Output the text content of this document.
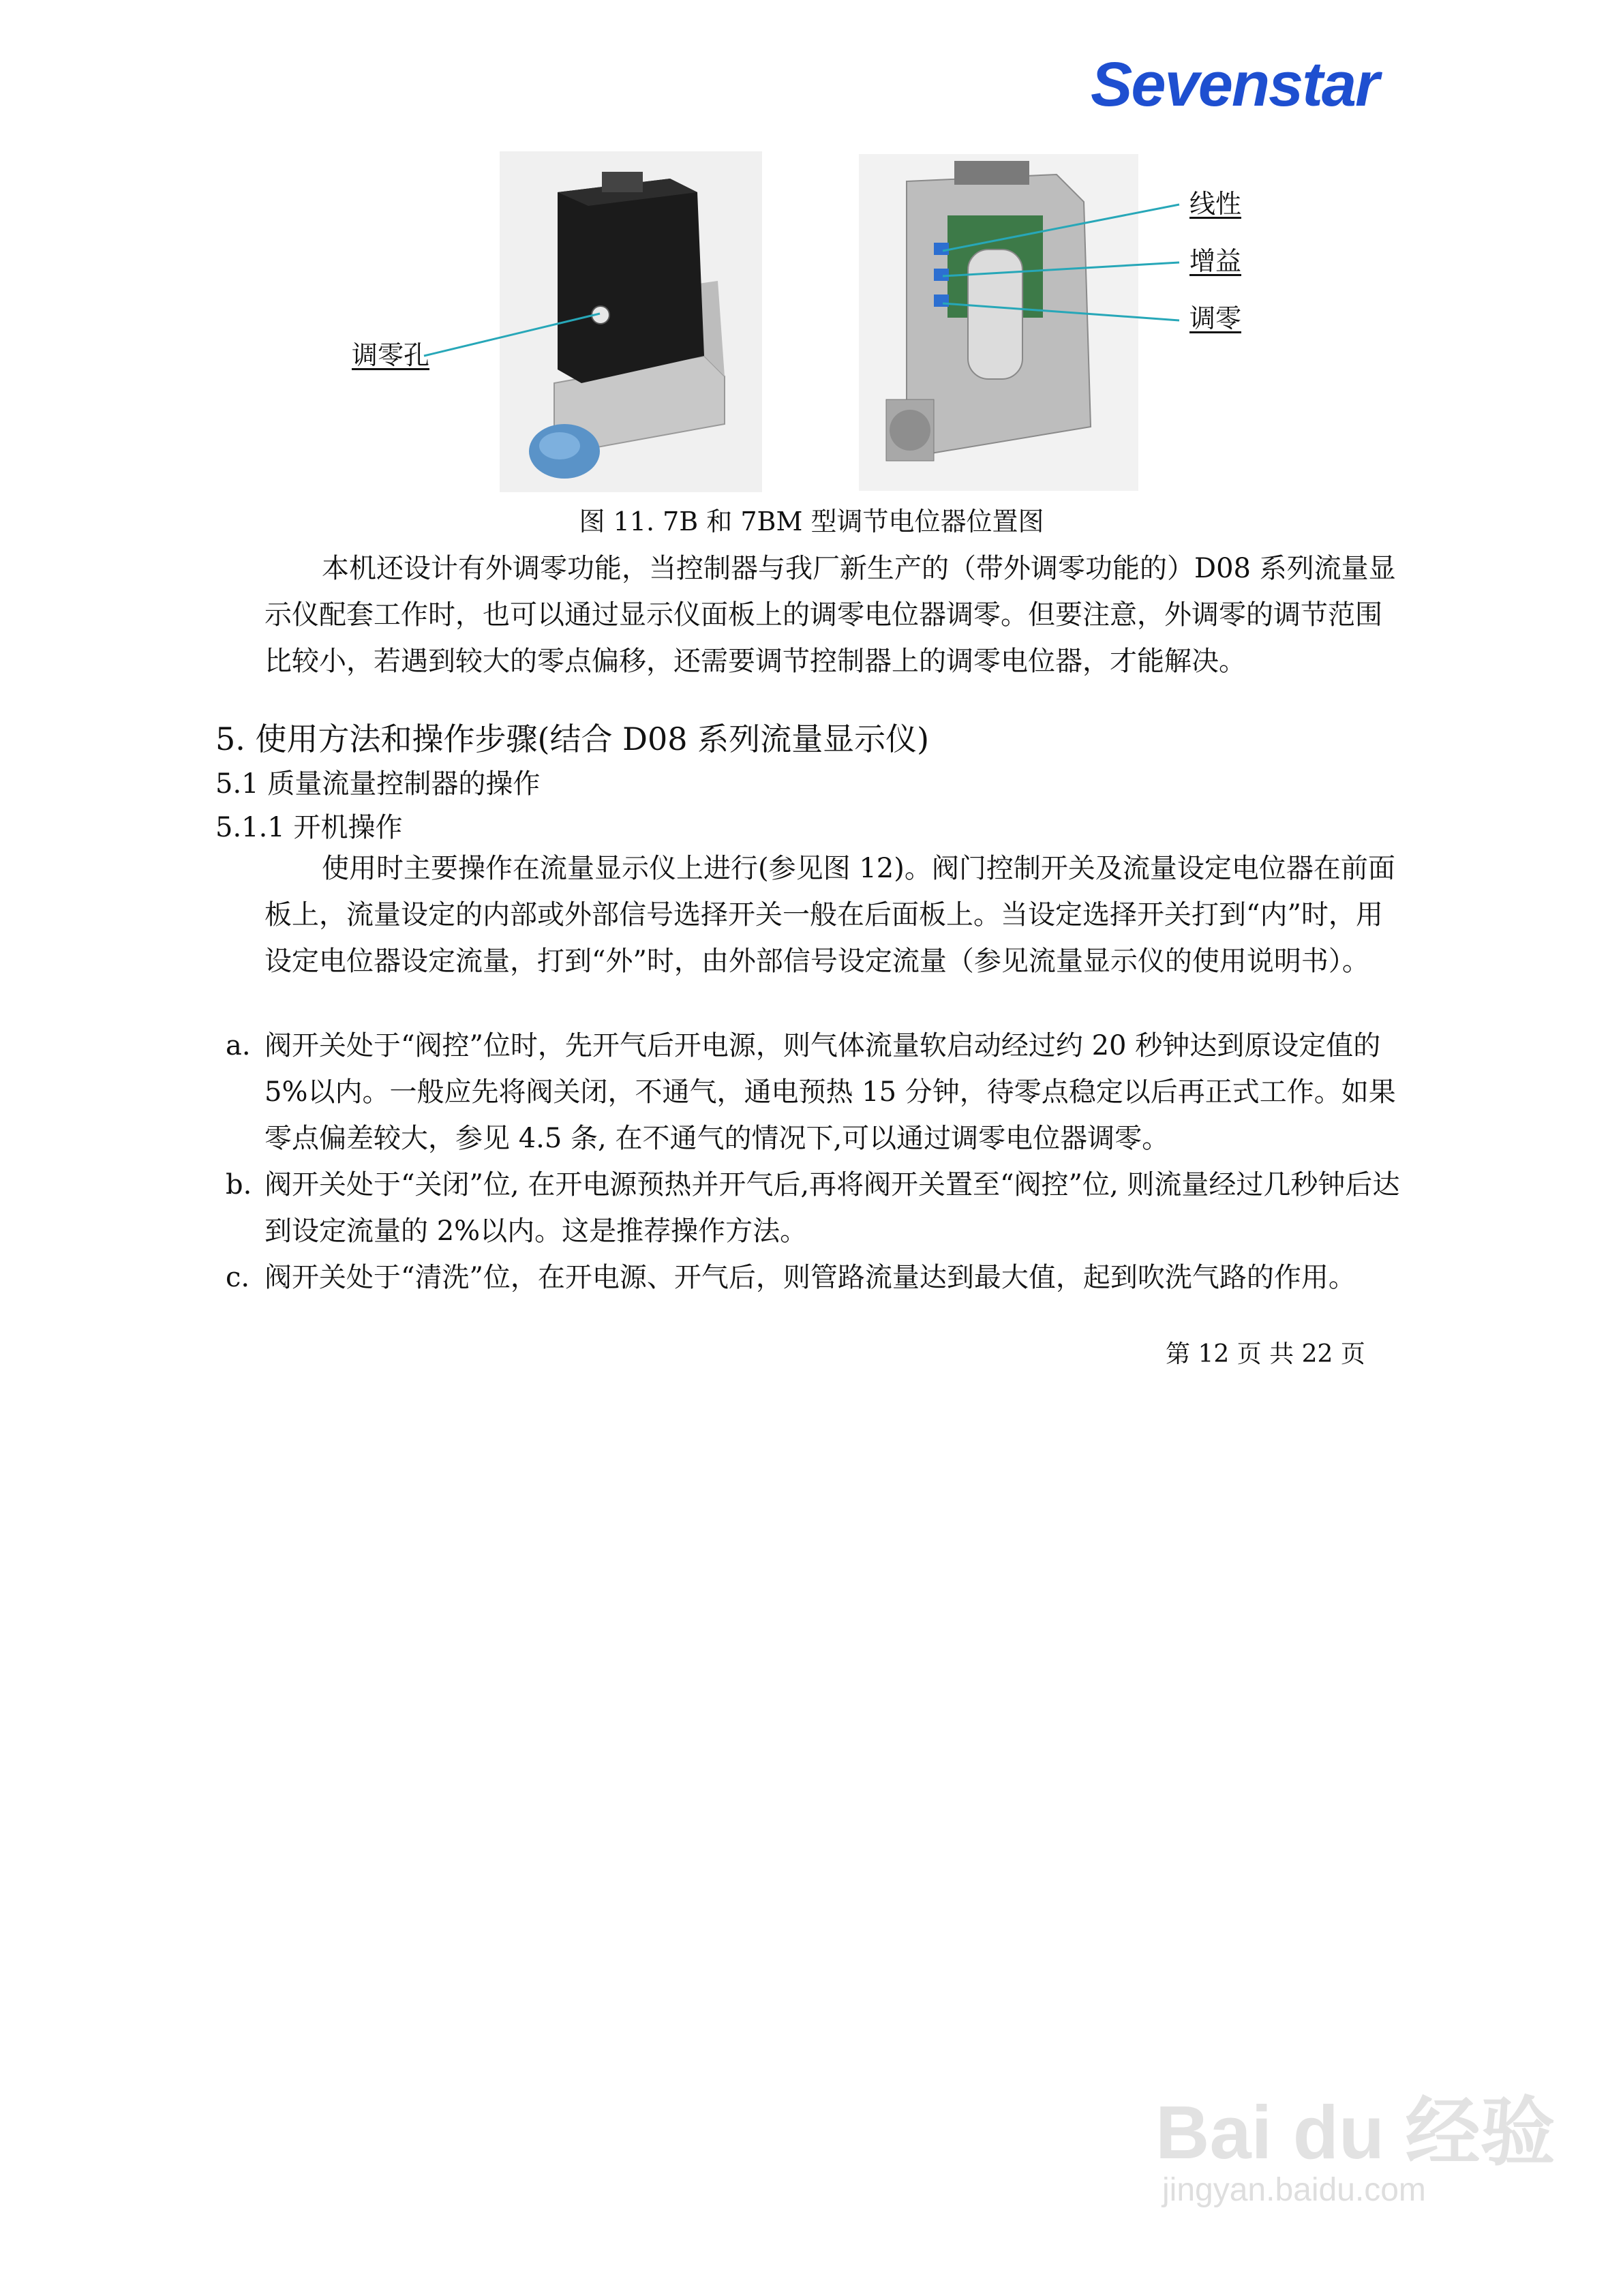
Sevenstar
调零孔
线性
增益
调零
图 11. 7B 和 7BM 型调节电位器位置图
本机还设计有外调零功能，当控制器与我厂新生产的（带外调零功能的）D08 系列流量显示仪配套工作时，也可以通过显示仪面板上的调零电位器调零。但要注意，外调零的调节范围比较小，若遇到较大的零点偏移，还需要调节控制器上的调零电位器，才能解决。
5. 使用方法和操作步骤(结合 D08 系列流量显示仪)
5.1 质量流量控制器的操作
5.1.1 开机操作
使用时主要操作在流量显示仪上进行(参见图 12)。阀门控制开关及流量设定电位器在前面板上，流量设定的内部或外部信号选择开关一般在后面板上。当设定选择开关打到“内”时，用设定电位器设定流量，打到“外”时，由外部信号设定流量（参见流量显示仪的使用说明书）。
a. 阀开关处于“阀控”位时，先开气后开电源，则气体流量软启动经过约 20 秒钟达到原设定值的 5%以内。一般应先将阀关闭，不通气，通电预热 15 分钟，待零点稳定以后再正式工作。如果零点偏差较大，参见 4.5 条, 在不通气的情况下,可以通过调零电位器调零。
b. 阀开关处于“关闭”位, 在开电源预热并开气后,再将阀开关置至“阀控”位, 则流量经过几秒钟后达到设定流量的 2%以内。这是推荐操作方法。
c. 阀开关处于“清洗”位，在开电源、开气后，则管路流量达到最大值，起到吹洗气路的作用。
第 12 页 共 22 页
Bai du 经验
jingyan.baidu.com
